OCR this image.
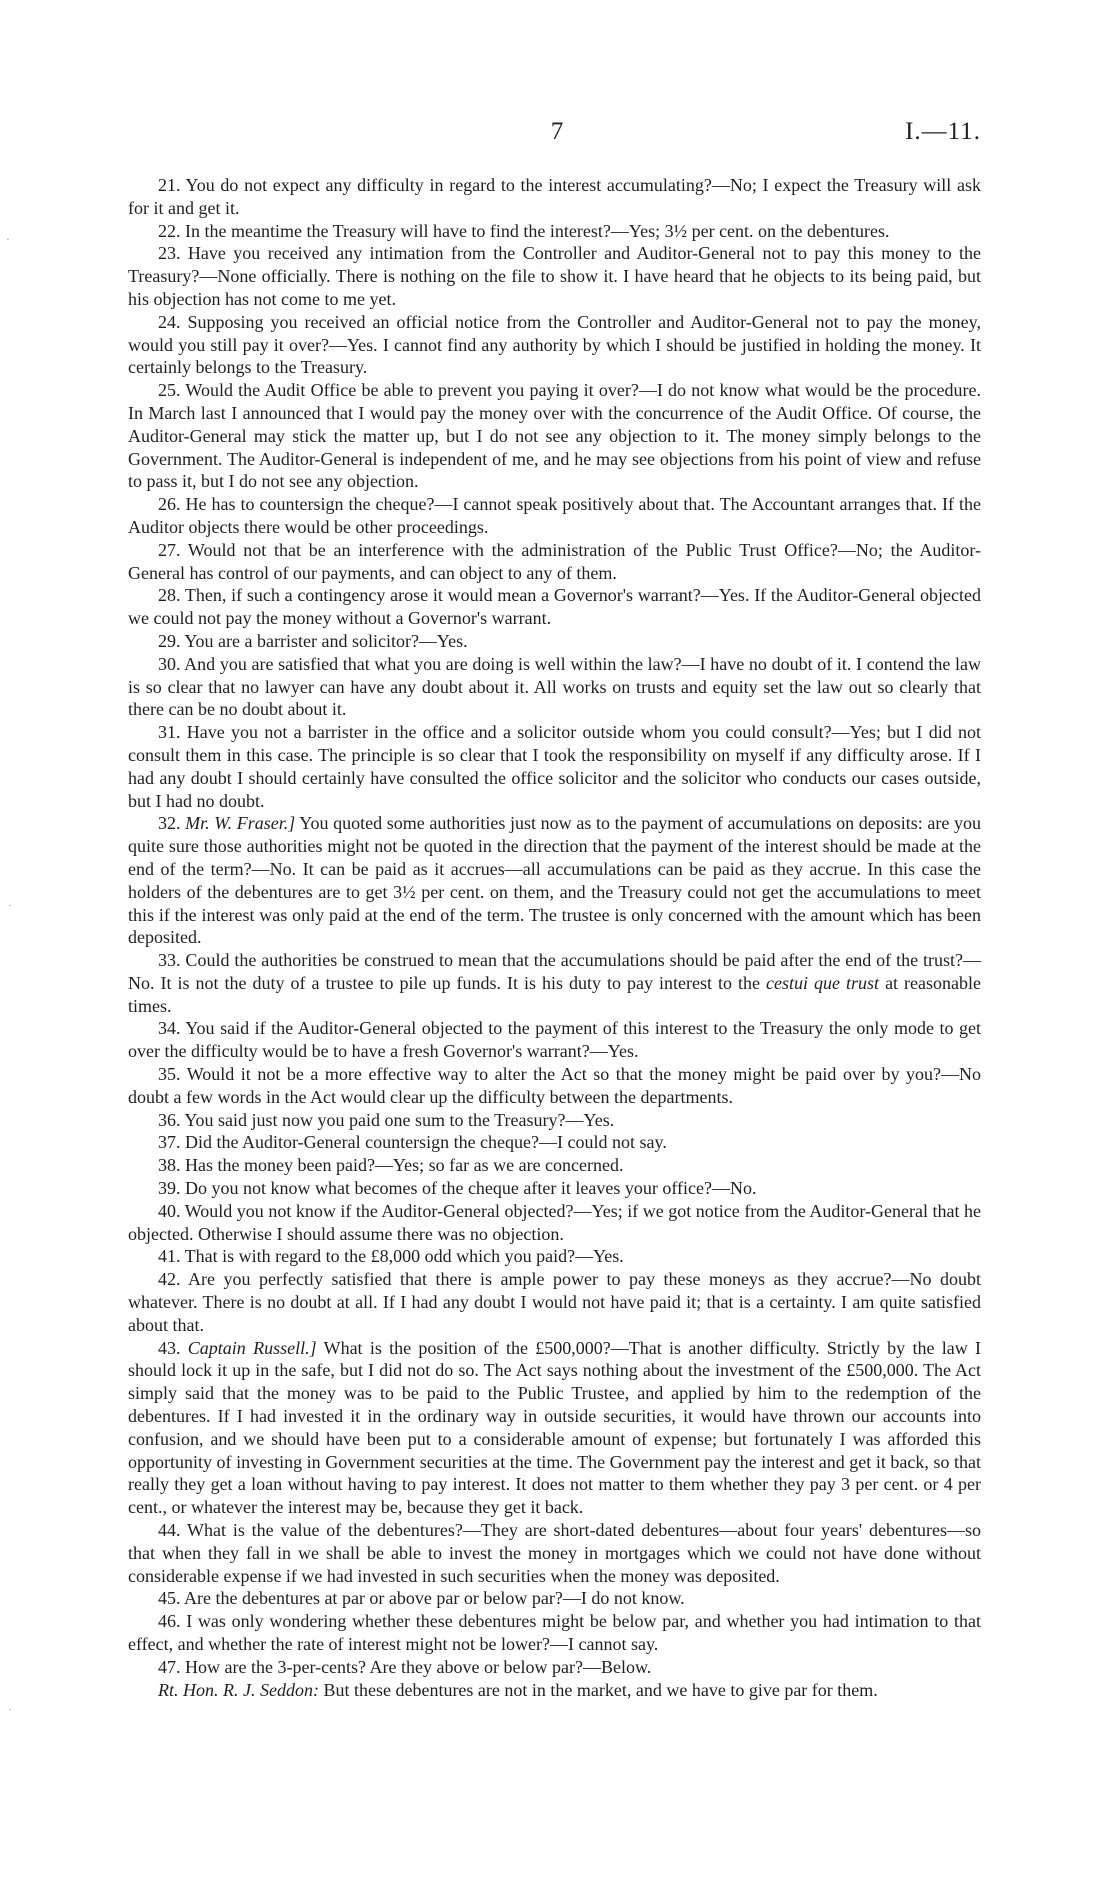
7	I.—11.
·
·
·

21. You do not expect any difficulty in regard to the interest accumulating?—No; I expect the Treasury will ask for it and get it.

22. In the meantime the Treasury will have to find the interest?—Yes; 3½ per cent. on the debentures.

23. Have you received any intimation from the Controller and Auditor-General not to pay this money to the Treasury?—None officially. There is nothing on the file to show it. I have heard that he objects to its being paid, but his objection has not come to me yet.

24. Supposing you received an official notice from the Controller and Auditor-General not to pay the money, would you still pay it over?—Yes. I cannot find any authority by which I should be justified in holding the money. It certainly belongs to the Treasury.

25. Would the Audit Office be able to prevent you paying it over?—I do not know what would be the procedure. In March last I announced that I would pay the money over with the concurrence of the Audit Office. Of course, the Auditor-General may stick the matter up, but I do not see any objection to it. The money simply belongs to the Government. The Auditor-General is independent of me, and he may see objections from his point of view and refuse to pass it, but I do not see any objection.

26. He has to countersign the cheque?—I cannot speak positively about that. The Accountant arranges that. If the Auditor objects there would be other proceedings.

27. Would not that be an interference with the administration of the Public Trust Office?—No; the Auditor-General has control of our payments, and can object to any of them.

28. Then, if such a contingency arose it would mean a Governor's warrant?—Yes. If the Auditor-General objected we could not pay the money without a Governor's warrant.

29. You are a barrister and solicitor?—Yes.

30. And you are satisfied that what you are doing is well within the law?—I have no doubt of it. I contend the law is so clear that no lawyer can have any doubt about it. All works on trusts and equity set the law out so clearly that there can be no doubt about it.

31. Have you not a barrister in the office and a solicitor outside whom you could consult?—Yes; but I did not consult them in this case. The principle is so clear that I took the responsibility on myself if any difficulty arose. If I had any doubt I should certainly have consulted the office solicitor and the solicitor who conducts our cases outside, but I had no doubt.

32. Mr. W. Fraser.] You quoted some authorities just now as to the payment of accumulations on deposits: are you quite sure those authorities might not be quoted in the direction that the payment of the interest should be made at the end of the term?—No. It can be paid as it accrues—all accumulations can be paid as they accrue. In this case the holders of the debentures are to get 3½ per cent. on them, and the Treasury could not get the accumulations to meet this if the interest was only paid at the end of the term. The trustee is only concerned with the amount which has been deposited.

33. Could the authorities be construed to mean that the accumulations should be paid after the end of the trust?—No. It is not the duty of a trustee to pile up funds. It is his duty to pay interest to the cestui que trust at reasonable times.

34. You said if the Auditor-General objected to the payment of this interest to the Treasury the only mode to get over the difficulty would be to have a fresh Governor's warrant?—Yes.

35. Would it not be a more effective way to alter the Act so that the money might be paid over by you?—No doubt a few words in the Act would clear up the difficulty between the departments.

36. You said just now you paid one sum to the Treasury?—Yes.

37. Did the Auditor-General countersign the cheque?—I could not say.

38. Has the money been paid?—Yes; so far as we are concerned.

39. Do you not know what becomes of the cheque after it leaves your office?—No.

40. Would you not know if the Auditor-General objected?—Yes; if we got notice from the Auditor-General that he objected. Otherwise I should assume there was no objection.

41. That is with regard to the £8,000 odd which you paid?—Yes.

42. Are you perfectly satisfied that there is ample power to pay these moneys as they accrue?—No doubt whatever. There is no doubt at all. If I had any doubt I would not have paid it; that is a certainty. I am quite satisfied about that.

43. Captain Russell.] What is the position of the £500,000?—That is another difficulty. Strictly by the law I should lock it up in the safe, but I did not do so. The Act says nothing about the investment of the £500,000. The Act simply said that the money was to be paid to the Public Trustee, and applied by him to the redemption of the debentures. If I had invested it in the ordinary way in outside securities, it would have thrown our accounts into confusion, and we should have been put to a considerable amount of expense; but fortunately I was afforded this opportunity of investing in Government securities at the time. The Government pay the interest and get it back, so that really they get a loan without having to pay interest. It does not matter to them whether they pay 3 per cent. or 4 per cent., or whatever the interest may be, because they get it back.

44. What is the value of the debentures?—They are short-dated debentures—about four years' debentures—so that when they fall in we shall be able to invest the money in mortgages which we could not have done without considerable expense if we had invested in such securities when the money was deposited.

45. Are the debentures at par or above par or below par?—I do not know.

46. I was only wondering whether these debentures might be below par, and whether you had intimation to that effect, and whether the rate of interest might not be lower?—I cannot say.

47. How are the 3-per-cents? Are they above or below par?—Below.

Rt. Hon. R. J. Seddon: But these debentures are not in the market, and we have to give par for them.
